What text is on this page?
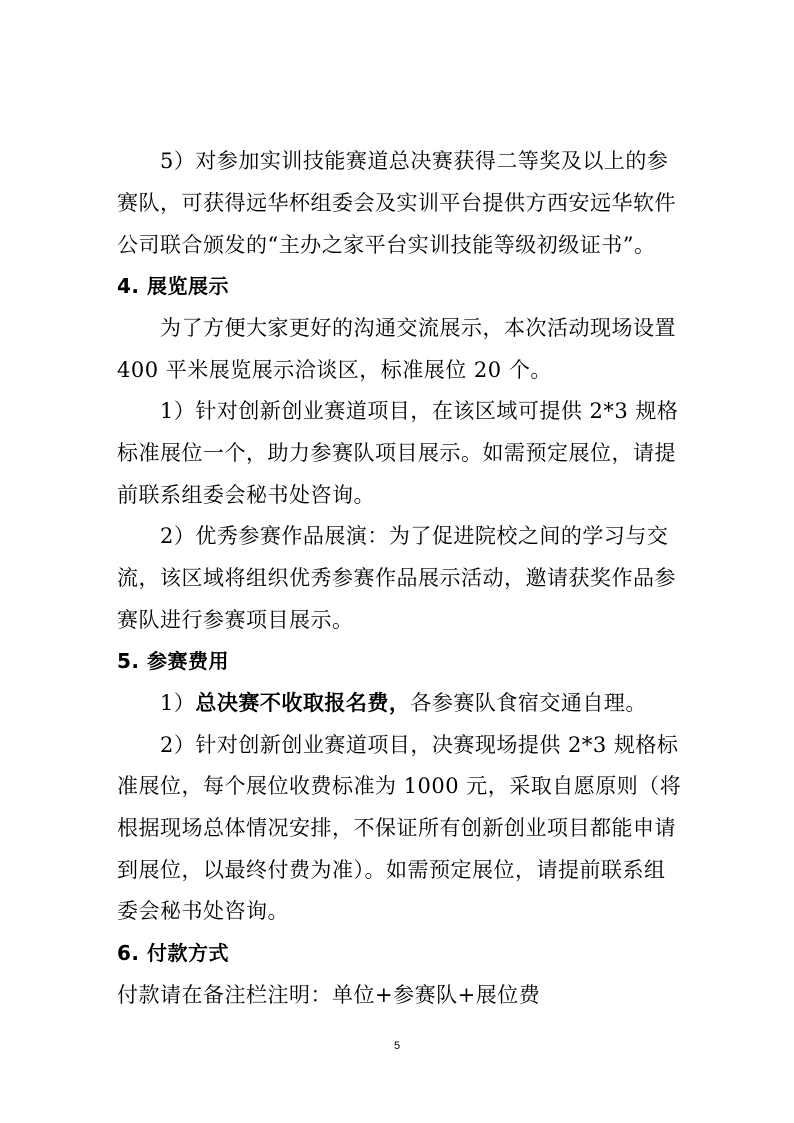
5）对参加实训技能赛道总决赛获得二等奖及以上的参
赛队，可获得远华杯组委会及实训平台提供方西安远华软件
公司联合颁发的“主办之家平台实训技能等级初级证书”。
4. 展览展示
为了方便大家更好的沟通交流展示，本次活动现场设置
400 平米展览展示洽谈区，标准展位 20 个。
1）针对创新创业赛道项目，在该区域可提供 2*3 规格
标准展位一个，助力参赛队项目展示。如需预定展位，请提
前联系组委会秘书处咨询。
2）优秀参赛作品展演：为了促进院校之间的学习与交
流，该区域将组织优秀参赛作品展示活动，邀请获奖作品参
赛队进行参赛项目展示。
5. 参赛费用
1）总决赛不收取报名费，各参赛队食宿交通自理。
2）针对创新创业赛道项目，决赛现场提供 2*3 规格标
准展位，每个展位收费标准为 1000 元，采取自愿原则（将
根据现场总体情况安排，不保证所有创新创业项目都能申请
到展位，以最终付费为准）。如需预定展位，请提前联系组
委会秘书处咨询。
6. 付款方式
付款请在备注栏注明：单位+参赛队+展位费
5
